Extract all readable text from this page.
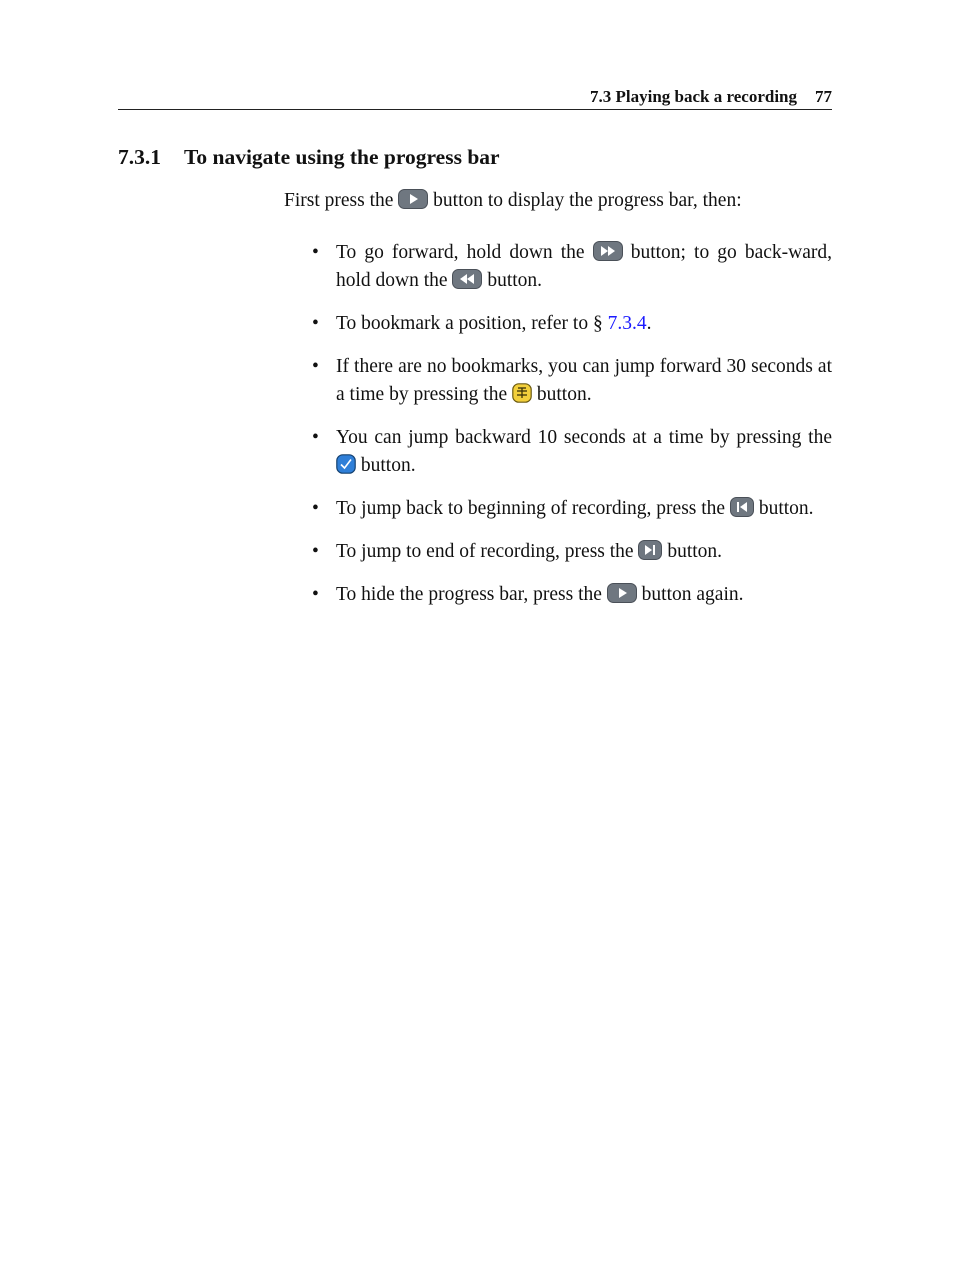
7.3 Playing back a recording 77
7.3.1 To navigate using the progress bar
First press the button to display the progress bar, then:
• To go forward, hold down the button; to go back-ward, hold down the button.
• To bookmark a position, refer to § 7.3.4.
• If there are no bookmarks, you can jump forward 30 seconds at a time by pressing the button.
• You can jump backward 10 seconds at a time by pressing the
button.
• To jump back to beginning of recording, press the button.
• To jump to end of recording, press the button.
• To hide the progress bar, press the button again.
